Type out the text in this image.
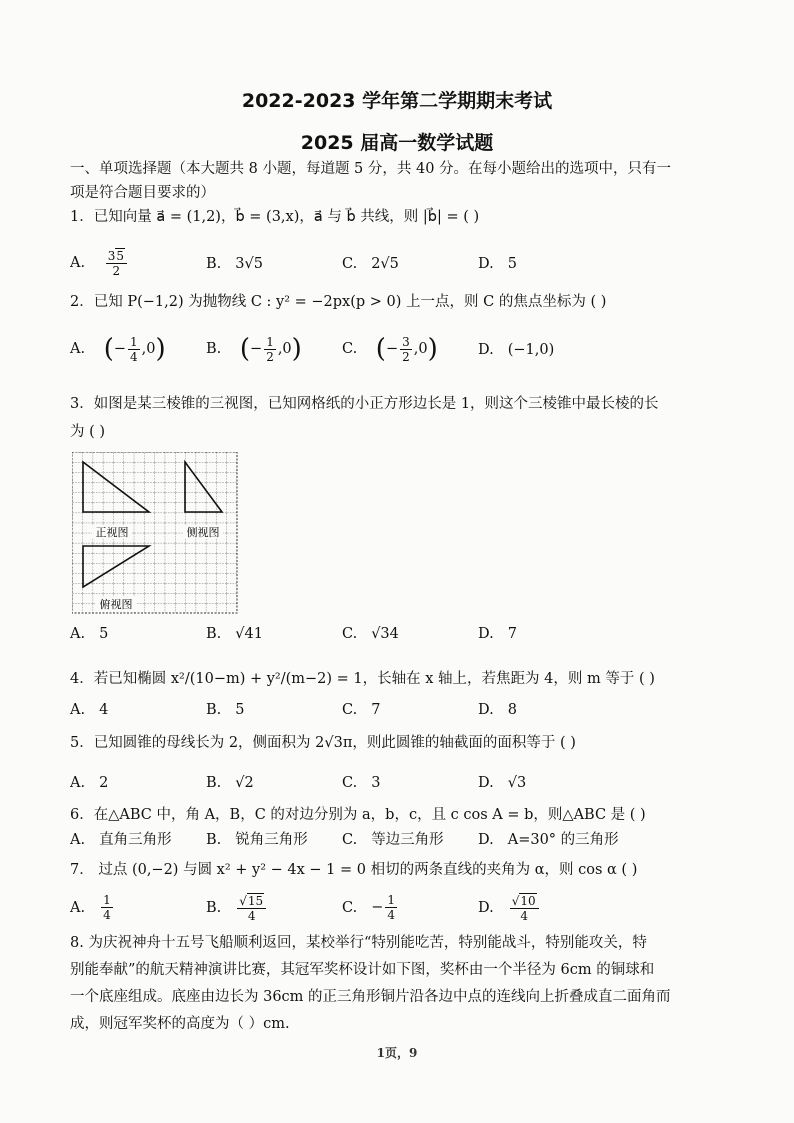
2022-2023 学年第二学期期末考试
2025 届高一数学试题
一、单项选择题（本大题共 8 小题，每道题 5 分，共 40 分。在每小题给出的选项中，只有一
项是符合题目要求的）
1．已知向量 a⃗ = (1,2)，b⃗ = (3,x)，a⃗ 与 b⃗ 共线，则 |b⃗| = ( )
A. $\frac{35}{2}$	B. 3√5	C. 2√5	D. 5
2．已知 P(−1,2) 为抛物线 C : y² = −2px(p > 0) 上一点，则 C 的焦点坐标为 ( )
A. (− $\frac{1}{4} ,0$)	B. (− $\frac{1}{2} ,0$)	C. (− $\frac{3}{2} ,0$)	D. (−1,0)
3．如图是某三棱锥的三视图，已知网格纸的小正方形边长是 1，则这个三棱锥中最长棱的长
为 ( )
正视图	侧视图
俯视图
A. 5	B. √41	C. √34	D. 7
4．若已知椭圆 x²/(10−m) + y²/(m−2) = 1，长轴在 x 轴上，若焦距为 4，则 m 等于 ( )
A. 4	B. 5	C. 7	D. 8
5．已知圆锥的母线长为 2，侧面积为 2√3π，则此圆锥的轴截面的面积等于 ( )
A. 2	B. √2	C. 3	D. √3
6．在△ABC 中，角 A，B，C 的对边分别为 a，b，c，且 c cos A = b，则△ABC 是 ( )
A. 直角三角形 B. 锐角三角形 C. 等边三角形 D. A=30° 的三角形
7． 过点 (0,−2) 与圆 x² + y² − 4x − 1 = 0 相切的两条直线的夹角为 α，则 cos α ( )
A. $\frac{1}{4}$	B. $\frac{√15}{4}$	C. − $\frac{1}{4}$	D. $\frac{√10}{4}$
8. 为庆祝神舟十五号飞船顺利返回，某校举行“特别能吃苦，特别能战斗，特别能攻关，特
别能奉献”的航天精神演讲比赛，其冠军奖杯设计如下图，奖杯由一个半径为 6cm 的铜球和
一个底座组成。底座由边长为 36cm 的正三角形铜片沿各边中点的连线向上折叠成直二面角而
成，则冠军奖杯的高度为（ ）cm.
1页，9
